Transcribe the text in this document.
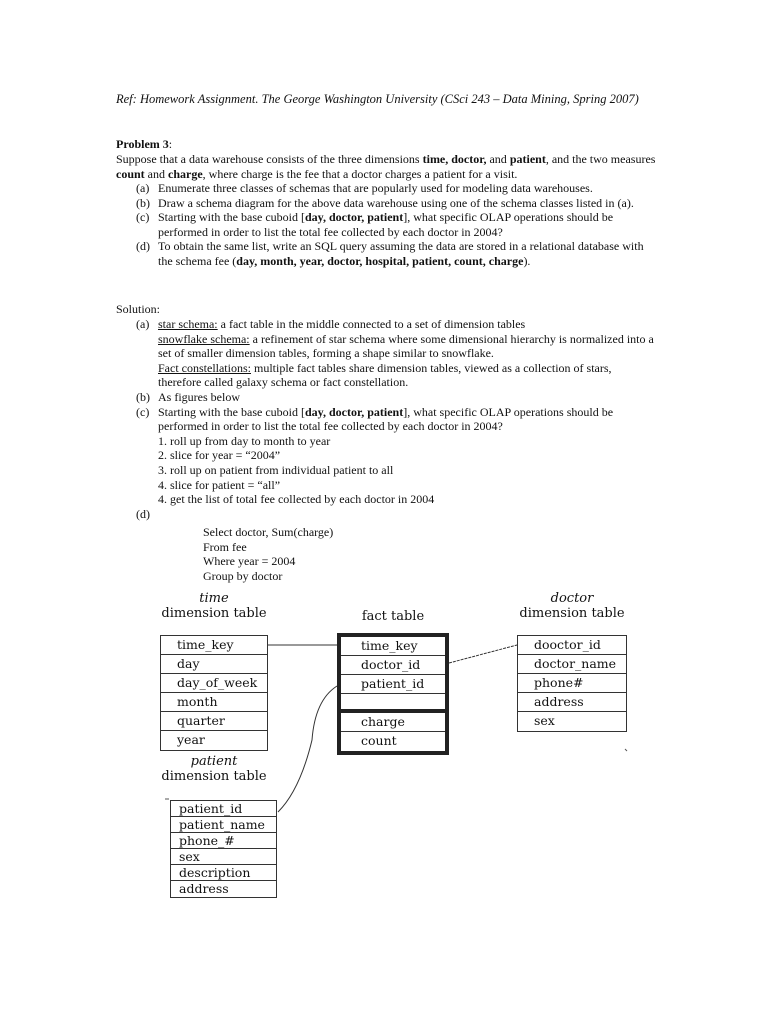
Ref: Homework Assignment. The George Washington University (CSci 243 – Data Mining, Spring 2007)
Problem 3:
Suppose that a data warehouse consists of the three dimensions time, doctor, and patient, and the two measures count and charge, where charge is the fee that a doctor charges a patient for a visit.
(a) Enumerate three classes of schemas that are popularly used for modeling data warehouses.
(b) Draw a schema diagram for the above data warehouse using one of the schema classes listed in (a).
(c) Starting with the base cuboid [day, doctor, patient], what specific OLAP operations should be performed in order to list the total fee collected by each doctor in 2004?
(d) To obtain the same list, write an SQL query assuming the data are stored in a relational database with the schema fee (day, month, year, doctor, hospital, patient, count, charge).
Solution:
(a) star schema: a fact table in the middle connected to a set of dimension tables
snowflake schema: a refinement of star schema where some dimensional hierarchy is normalized into a set of smaller dimension tables, forming a shape similar to snowflake.
Fact constellations: multiple fact tables share dimension tables, viewed as a collection of stars, therefore called galaxy schema or fact constellation.
(b) As figures below
(c) Starting with the base cuboid [day, doctor, patient], what specific OLAP operations should be performed in order to list the total fee collected by each doctor in 2004?
1. roll up from day to month to year
2. slice for year = “2004”
3. roll up on patient from individual patient to all
4. slice for patient = “all”
4. get the list of total fee collected by each doctor in 2004
(d)

Select doctor, Sum(charge)
From fee
Where year = 2004
Group by doctor
time
dimension table
time_key
day
day_of_week
month
quarter
year
fact table
time_key
doctor_id
patient_id
charge
count
doctor
dimension table
dooctor_id
doctor_name
phone#
address
sex
patient
dimension table
patient_id
patient_name
phone_#
sex
description
address
